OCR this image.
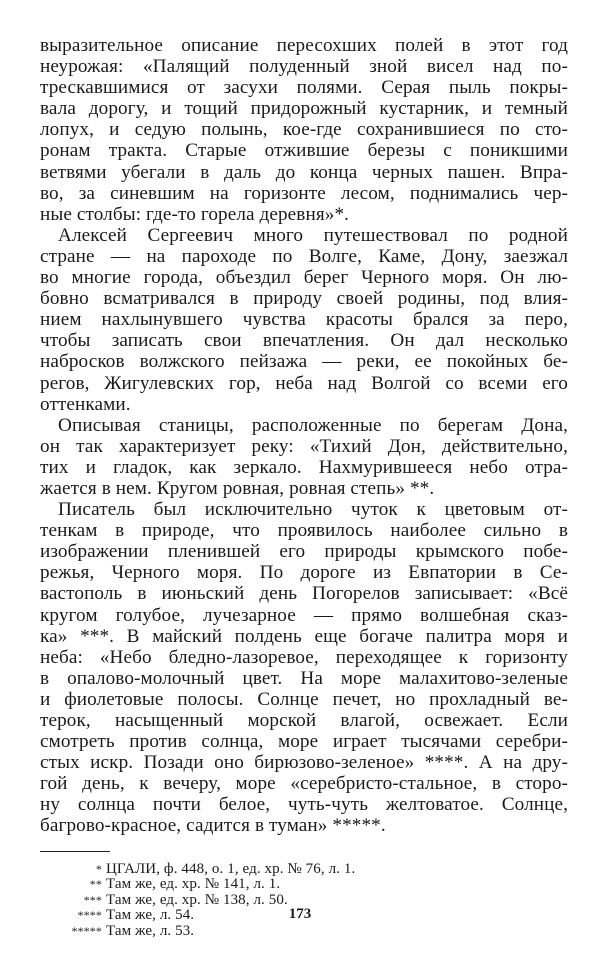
выразительное описание пересохших полей в этот год
неурожая: «Палящий полуденный зной висел над по-
трескавшимися от засухи полями. Серая пыль покры-
вала дорогу, и тощий придорожный кустарник, и темный
лопух, и седую полынь, кое-где сохранившиеся по сто-
ронам тракта. Старые отжившие березы с поникшими
ветвями убегали в даль до конца черных пашен. Впра-
во, за синевшим на горизонте лесом, поднимались чер-
ные столбы: где-то горела деревня»*.
Алексей Сергеевич много путешествовал по родной
стране — на пароходе по Волге, Каме, Дону, заезжал
во многие города, объездил берег Черного моря. Он лю-
бовно всматривался в природу своей родины, под влия-
нием нахлынувшего чувства красоты брался за перо,
чтобы записать свои впечатления. Он дал несколько
набросков волжского пейзажа — реки, ее покойных бе-
регов, Жигулевских гор, неба над Волгой со всеми его
оттенками.
Описывая станицы, расположенные по берегам Дона,
он так характеризует реку: «Тихий Дон, действительно,
тих и гладок, как зеркало. Нахмурившееся небо отра-
жается в нем. Кругом ровная, ровная степь» **.
Писатель был исключительно чуток к цветовым от-
тенкам в природе, что проявилось наиболее сильно в
изображении пленившей его природы крымского побе-
режья, Черного моря. По дороге из Евпатории в Се-
вастополь в июньский день Погорелов записывает: «Всё
кругом голубое, лучезарное — прямо волшебная сказ-
ка» ***. В майский полдень еще богаче палитра моря и
неба: «Небо бледно-лазоревое, переходящее к горизонту
в опалово-молочный цвет. На море малахитово-зеленые
и фиолетовые полосы. Солнце печет, но прохладный ве-
терок, насыщенный морской влагой, освежает. Если
смотреть против солнца, море играет тысячами серебри-
стых искр. Позади оно бирюзово-зеленое» ****. А на дру-
гой день, к вечеру, море «серебристо-стальное, в сторо-
ну солнца почти белое, чуть-чуть желтоватое. Солнце,
багрово-красное, садится в туман» *****.
* ЦГАЛИ, ф. 448, о. 1, ед. хр. № 76, л. 1.
** Там же, ед. хр. № 141, л. 1.
*** Там же, ед. хр. № 138, л. 50.
**** Там же, л. 54.
***** Там же, л. 53.
173
